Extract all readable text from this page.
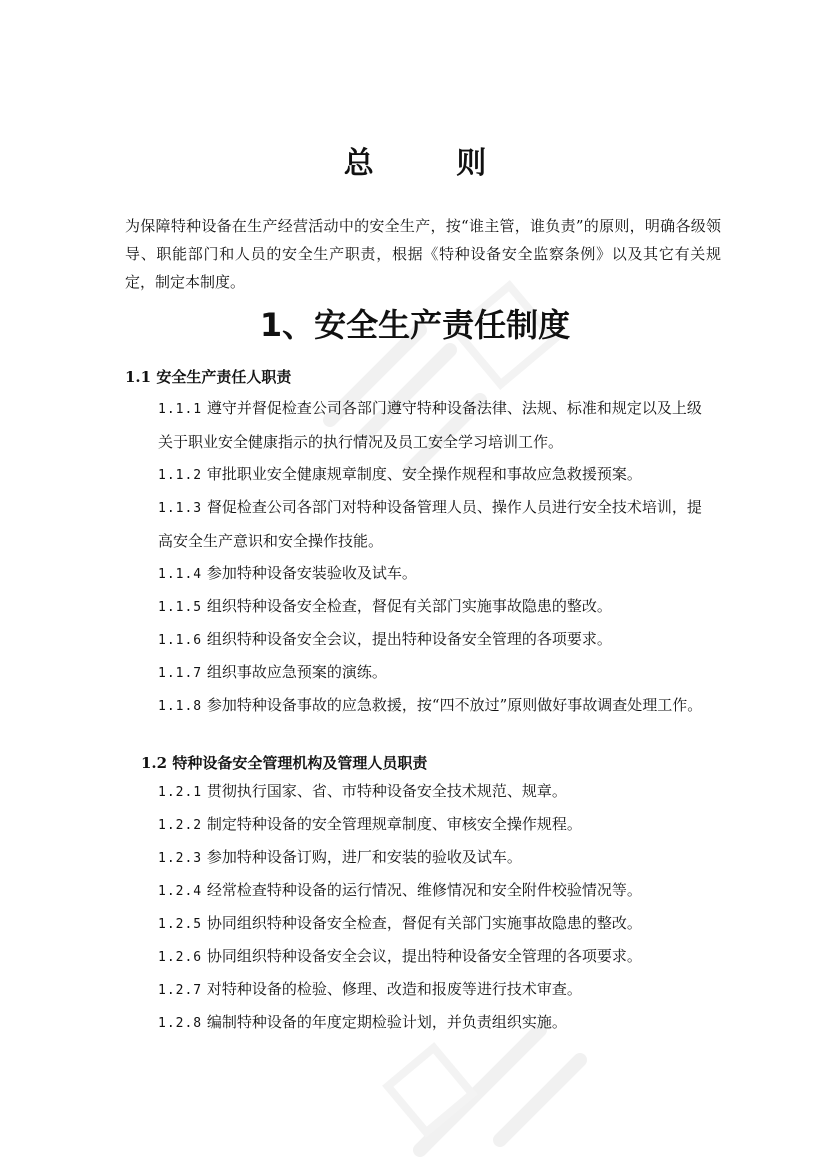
总 则

为保障特种设备在生产经营活动中的安全生产，按“谁主管，谁负责”的原则，明确各级领导、职能部门和人员的安全生产职责，根据《特种设备安全监察条例》以及其它有关规定，制定本制度。

1、安全生产责任制度
1.1 安全生产责任人职责
1.1.1 遵守并督促检查公司各部门遵守特种设备法律、法规、标准和规定以及上级关于职业安全健康指示的执行情况及员工安全学习培训工作。
1.1.2 审批职业安全健康规章制度、安全操作规程和事故应急救援预案。
1.1.3 督促检查公司各部门对特种设备管理人员、操作人员进行安全技术培训，提高安全生产意识和安全操作技能。
1.1.4 参加特种设备安装验收及试车。
1.1.5 组织特种设备安全检查，督促有关部门实施事故隐患的整改。
1.1.6 组织特种设备安全会议，提出特种设备安全管理的各项要求。
1.1.7 组织事故应急预案的演练。
1.1.8 参加特种设备事故的应急救援，按“四不放过”原则做好事故调查处理工作。
1.2 特种设备安全管理机构及管理人员职责
1.2.1 贯彻执行国家、省、市特种设备安全技术规范、规章。
1.2.2 制定特种设备的安全管理规章制度、审核安全操作规程。
1.2.3 参加特种设备订购，进厂和安装的验收及试车。
1.2.4 经常检查特种设备的运行情况、维修情况和安全附件校验情况等。
1.2.5 协同组织特种设备安全检查，督促有关部门实施事故隐患的整改。
1.2.6 协同组织特种设备安全会议，提出特种设备安全管理的各项要求。
1.2.7 对特种设备的检验、修理、改造和报废等进行技术审查。
1.2.8 编制特种设备的年度定期检验计划，并负责组织实施。
